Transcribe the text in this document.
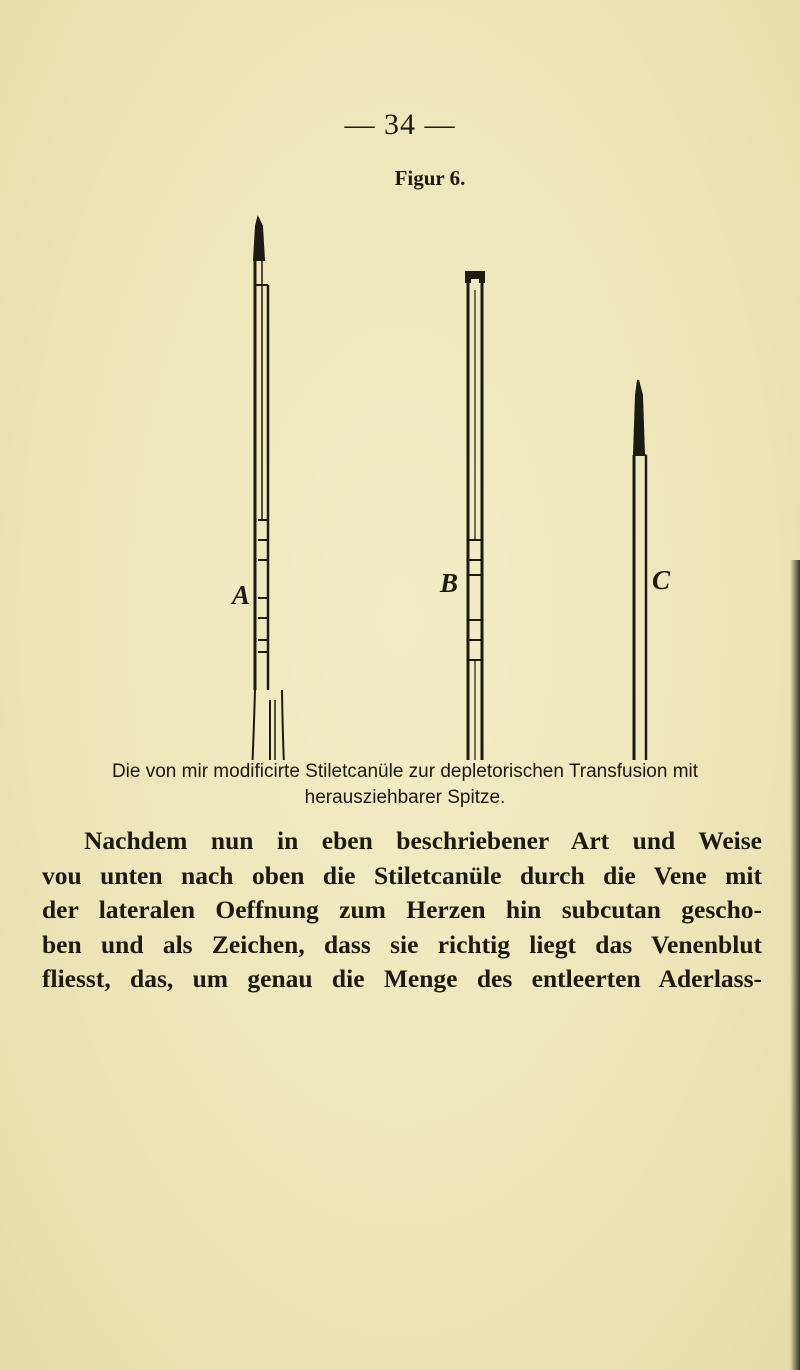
— 34 —
Figur 6.
A	B	C
Die von mir modificirte Stiletcanüle zur depletorischen Transfusion mit
herausziehbarer Spitze.
Nachdem nun in eben beschriebener Art und Weise
vou unten nach oben die Stiletcanüle durch die Vene mit
der lateralen Oeffnung zum Herzen hin subcutan gescho-
ben und als Zeichen, dass sie richtig liegt das Venenblut
fliesst, das, um genau die Menge des entleerten Aderlass-
